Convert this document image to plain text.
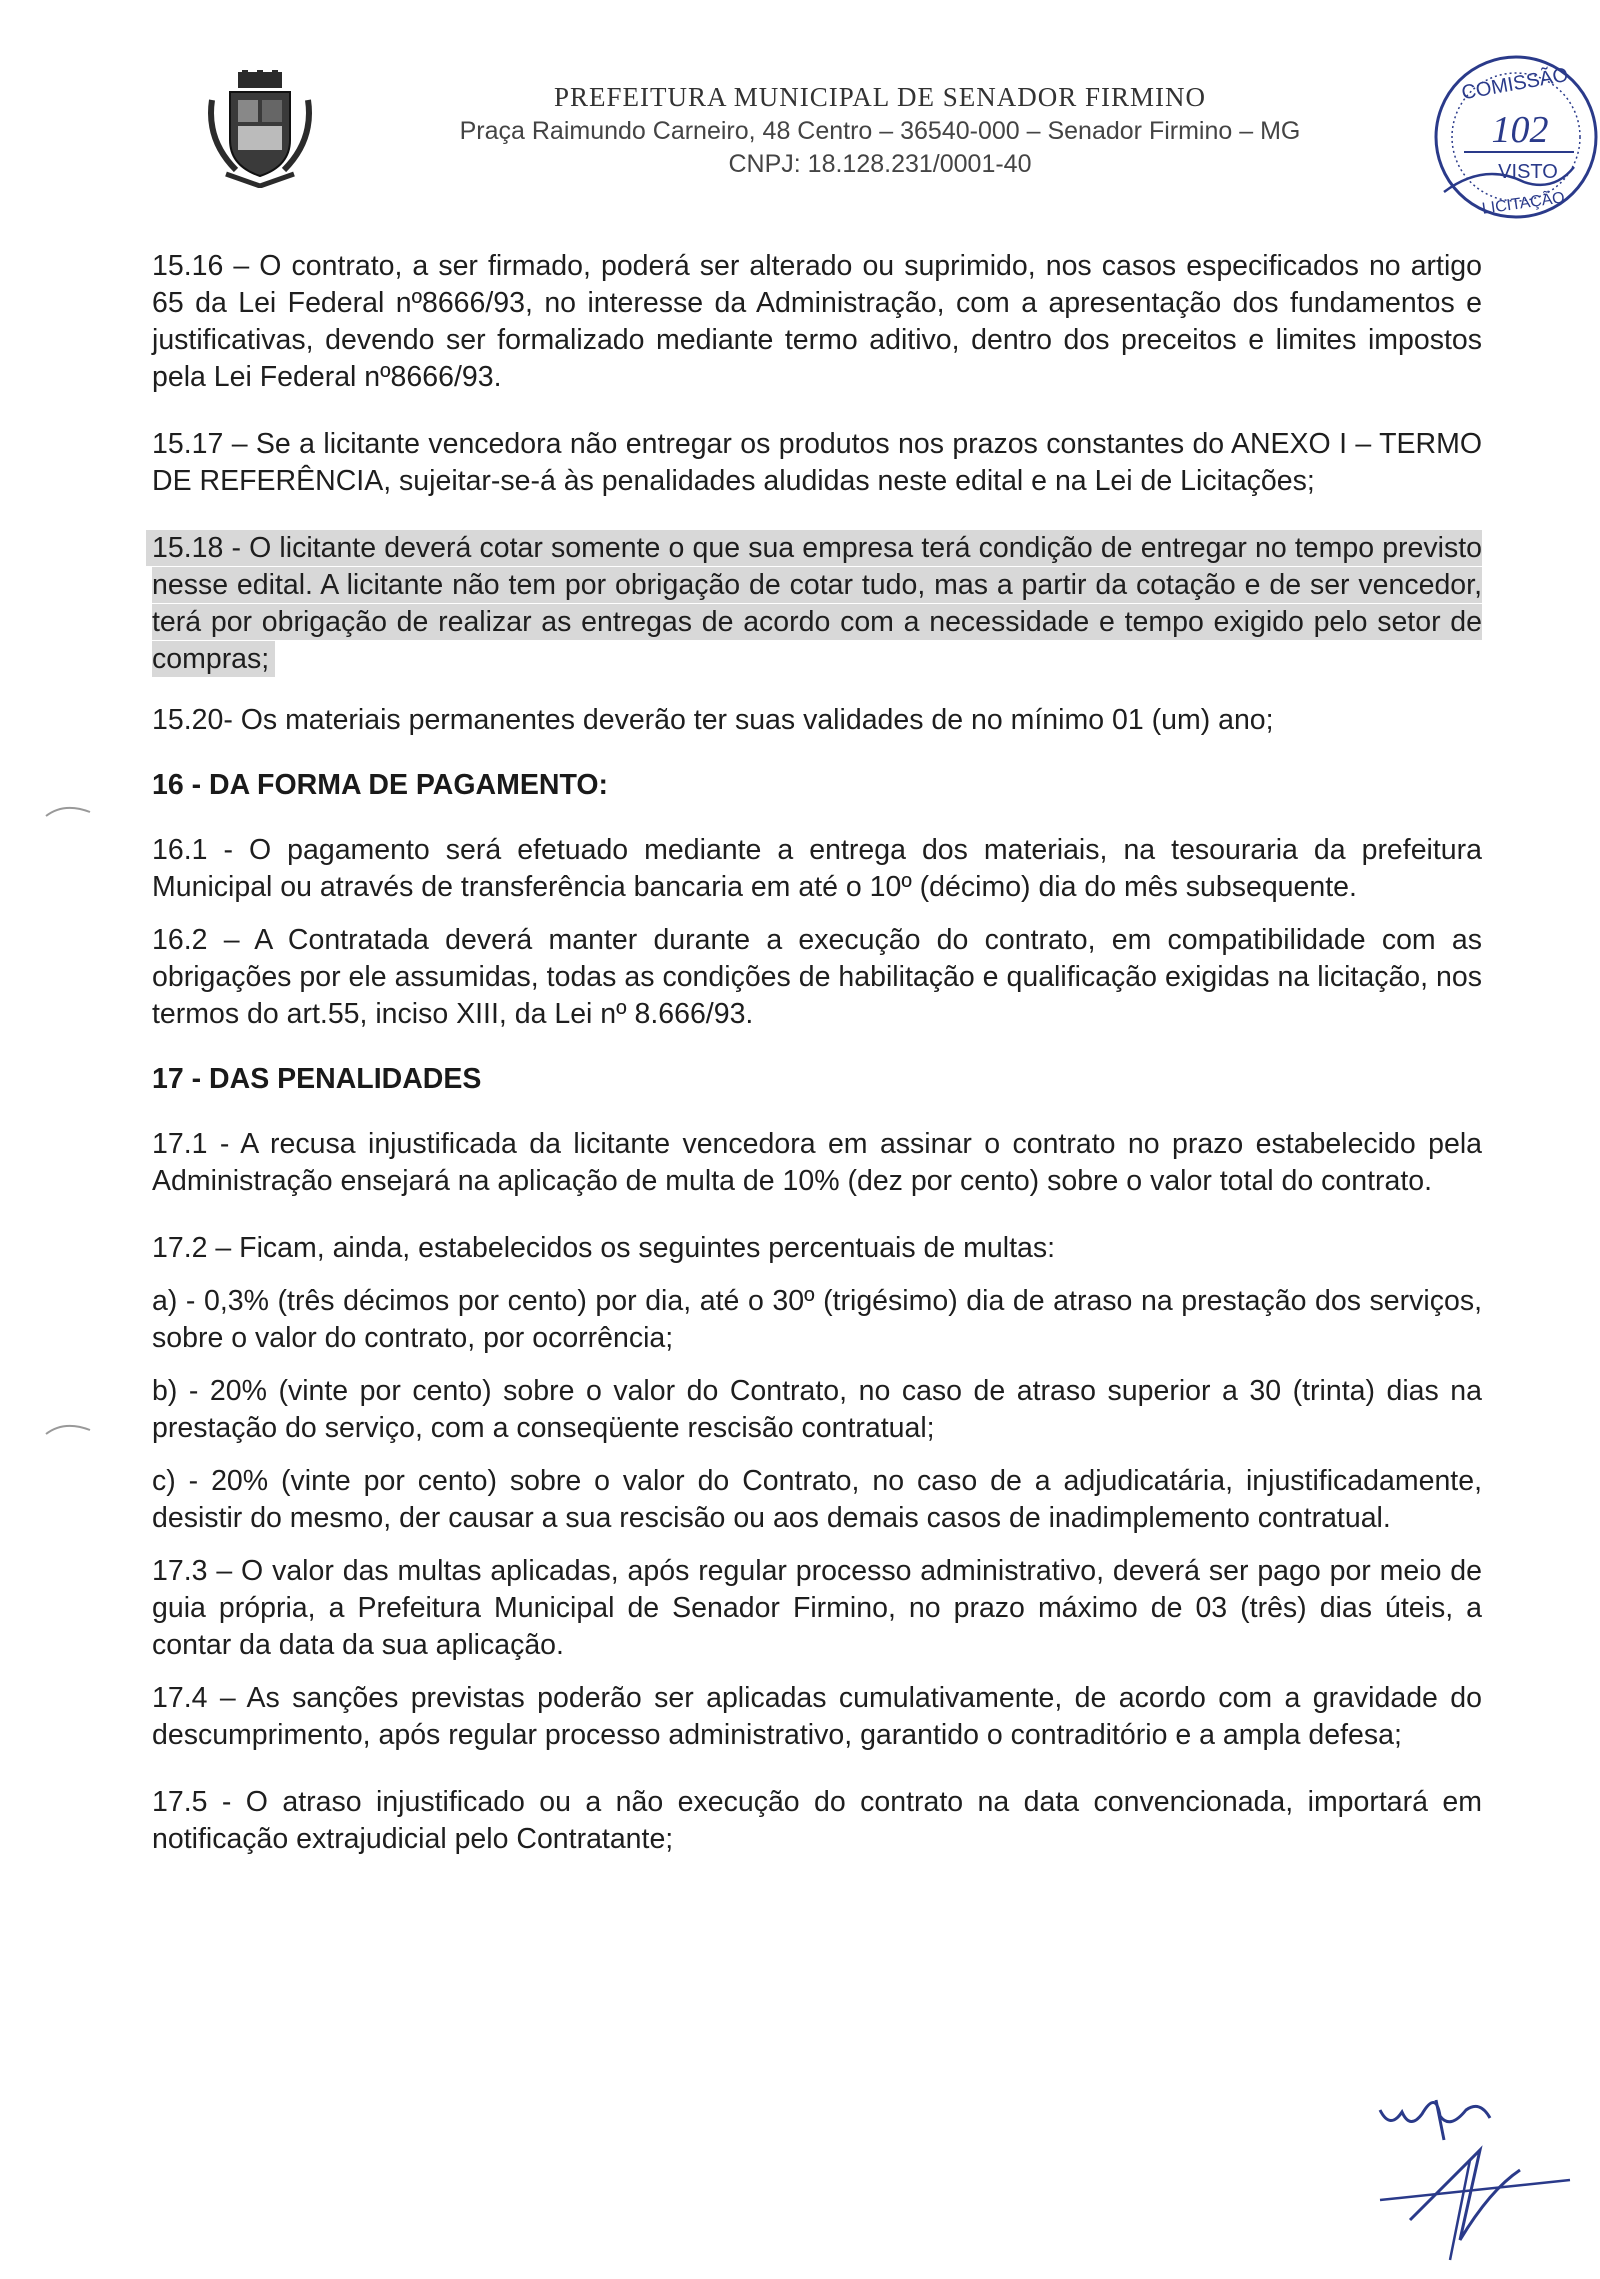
PREFEITURA MUNICIPAL DE SENADOR FIRMINO
Praça Raimundo Carneiro, 48 Centro – 36540-000 – Senador Firmino – MG
CNPJ: 18.128.231/0001-40
COMISSÃO
102
VISTO
LICITAÇÃO

15.16 – O contrato, a ser firmado, poderá ser alterado ou suprimido, nos casos especificados no artigo 65 da Lei Federal nº8666/93, no interesse da Administração, com a apresentação dos fundamentos e justificativas, devendo ser formalizado mediante termo aditivo, dentro dos preceitos e limites impostos pela Lei Federal nº8666/93.

15.17 – Se a licitante vencedora não entregar os produtos nos prazos constantes do ANEXO I – TERMO DE REFERÊNCIA, sujeitar-se-á às penalidades aludidas neste edital e na Lei de Licitações;

15.18 - O licitante deverá cotar somente o que sua empresa terá condição de entregar no tempo previsto nesse edital. A licitante não tem por obrigação de cotar tudo, mas a partir da cotação e de ser vencedor, terá por obrigação de realizar as entregas de acordo com a necessidade e tempo exigido pelo setor de compras;

15.20- Os materiais permanentes deverão ter suas validades de no mínimo 01 (um) ano;

16 - DA FORMA DE PAGAMENTO:

16.1 - O pagamento será efetuado mediante a entrega dos materiais, na tesouraria da prefeitura Municipal ou através de transferência bancaria em até o 10º (décimo) dia do mês subsequente.

16.2 – A Contratada deverá manter durante a execução do contrato, em compatibilidade com as obrigações por ele assumidas, todas as condições de habilitação e qualificação exigidas na licitação, nos termos do art.55, inciso XIII, da Lei nº 8.666/93.

17 - DAS PENALIDADES

17.1 - A recusa injustificada da licitante vencedora em assinar o contrato no prazo estabelecido pela Administração ensejará na aplicação de multa de 10% (dez por cento) sobre o valor total do contrato.

17.2 – Ficam, ainda, estabelecidos os seguintes percentuais de multas:

a) - 0,3% (três décimos por cento) por dia, até o 30º (trigésimo) dia de atraso na prestação dos serviços, sobre o valor do contrato, por ocorrência;

b) - 20% (vinte por cento) sobre o valor do Contrato, no caso de atraso superior a 30 (trinta) dias na prestação do serviço, com a conseqüente rescisão contratual;

c) - 20% (vinte por cento) sobre o valor do Contrato, no caso de a adjudicatária, injustificadamente, desistir do mesmo, der causar a sua rescisão ou aos demais casos de inadimplemento contratual.

17.3 – O valor das multas aplicadas, após regular processo administrativo, deverá ser pago por meio de guia própria, a Prefeitura Municipal de Senador Firmino, no prazo máximo de 03 (três) dias úteis, a contar da data da sua aplicação.

17.4 – As sanções previstas poderão ser aplicadas cumulativamente, de acordo com a gravidade do descumprimento, após regular processo administrativo, garantido o contraditório e a ampla defesa;

17.5 - O atraso injustificado ou a não execução do contrato na data convencionada, importará em notificação extrajudicial pelo Contratante;
